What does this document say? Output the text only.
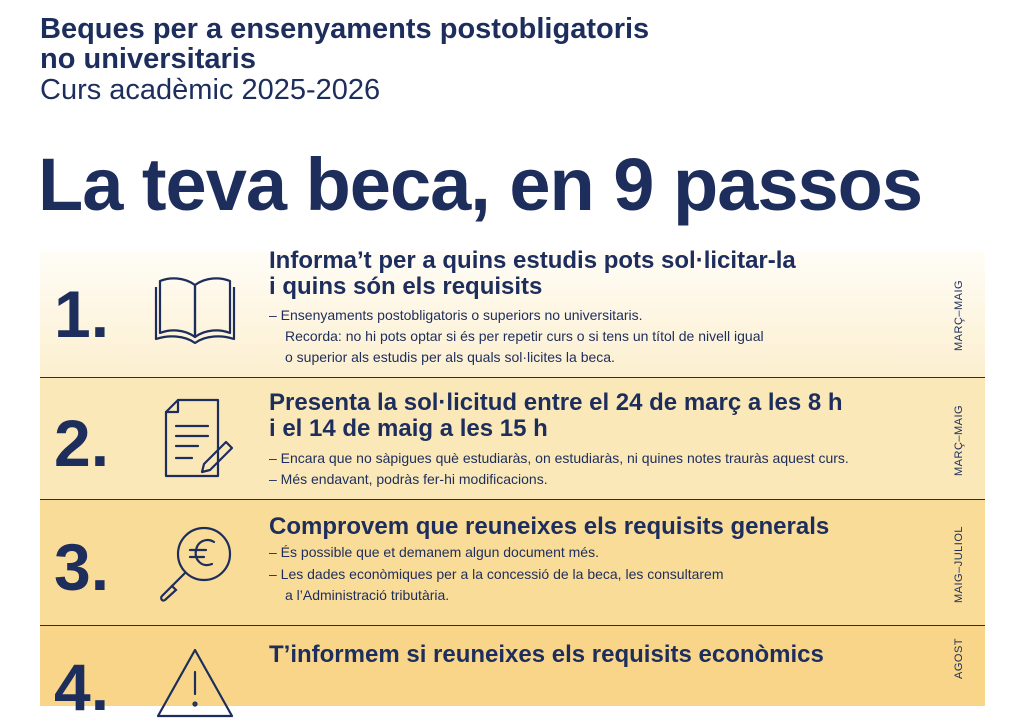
Beques per a ensenyaments postobligatoris
no universitaris
Curs acadèmic 2025-2026
La teva beca, en 9 passos
1.
Informa’t per a quins estudis pots sol·licitar-la
i quins són els requisits
– Ensenyaments postobligatoris o superiors no universitaris.
Recorda: no hi pots optar si és per repetir curs o si tens un títol de nivell igual
o superior als estudis per als quals sol·licites la beca.
MARÇ–MAIG
2.
Presenta la sol·licitud entre el 24 de març a les 8 h
i el 14 de maig a les 15 h
– Encara que no sàpigues què estudiaràs, on estudiaràs, ni quines notes trauràs aquest curs.
– Més endavant, podràs fer-hi modificacions.
MARÇ–MAIG
3.
Comprovem que reuneixes els requisits generals
– És possible que et demanem algun document més.
– Les dades econòmiques per a la concessió de la beca, les consultarem
a l’Administració tributària.	MAIG–JULIOL
4.	T’informem si reuneixes els requisits econòmics	AGOST
